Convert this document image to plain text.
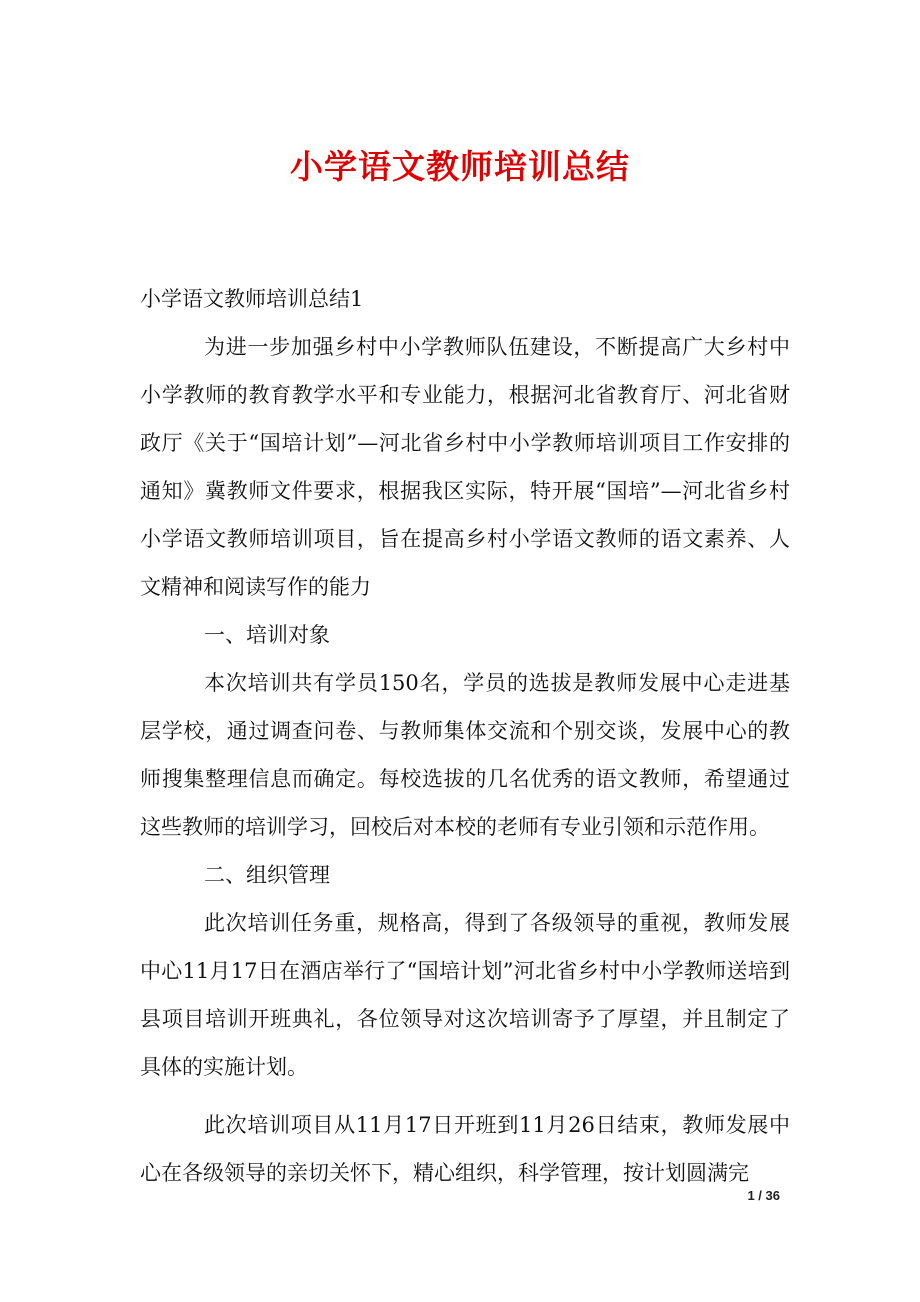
小学语文教师培训总结

小学语文教师培训总结1

为进一步加强乡村中小学教师队伍建设，不断提高广大乡村中小学教师的教育教学水平和专业能力，根据河北省教育厅、河北省财政厅《关于“国培计划”—河北省乡村中小学教师培训项目工作安排的通知》冀教师文件要求，根据我区实际，特开展“国培”—河北省乡村小学语文教师培训项目，旨在提高乡村小学语文教师的语文素养、人文精神和阅读写作的能力

一、培训对象

本次培训共有学员150名，学员的选拔是教师发展中心走进基层学校，通过调查问卷、与教师集体交流和个别交谈，发展中心的教师搜集整理信息而确定。每校选拔的几名优秀的语文教师，希望通过这些教师的培训学习，回校后对本校的老师有专业引领和示范作用。

二、组织管理

此次培训任务重，规格高，得到了各级领导的重视，教师发展中心11月17日在酒店举行了“国培计划”河北省乡村中小学教师送培到县项目培训开班典礼，各位领导对这次培训寄予了厚望，并且制定了具体的实施计划。

此次培训项目从11月17日开班到11月26日结束，教师发展中心在各级领导的亲切关怀下，精心组织，科学管理，按计划圆满完

1 / 36
